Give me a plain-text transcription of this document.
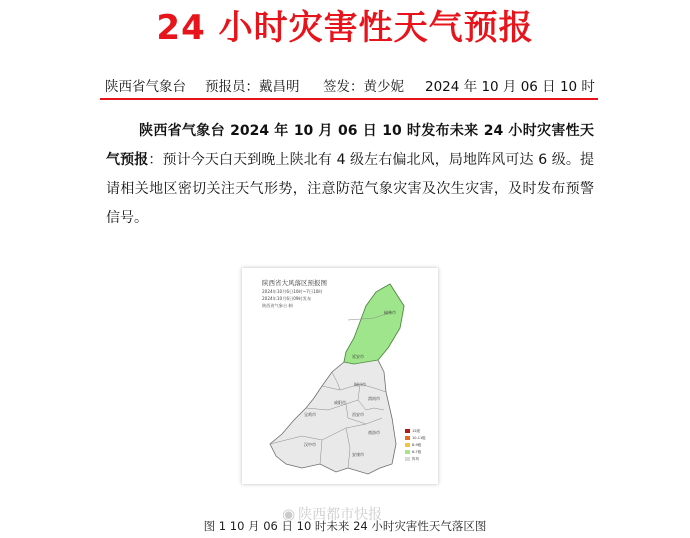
24 小时灾害性天气预报
陕西省气象台 预报员：戴昌明 签发：黄少妮 2024 年 10 月 06 日 10 时
陕西省气象台 2024 年 10 月 06 日 10 时发布未来 24 小时灾害性天气预报：预计今天白天到晚上陕北有 4 级左右偏北风，局地阵风可达 6 级。提请相关地区密切关注天气形势，注意防范气象灾害及次生灾害，及时发布预警信号。
榆林市
延安市
铜川市
渭南市
咸阳市
宝鸡市	西安市
商洛市
汉中市
安康市
陕西省大风落区预报图
2024年10月6日10时~7日10时
2024年10月6日09时发布
陕西省气象台 制
12级
10-11级
8-9级
6-7级
阵风
◉ 陕西都市快报
图 1 10 月 06 日 10 时未来 24 小时灾害性天气落区图
